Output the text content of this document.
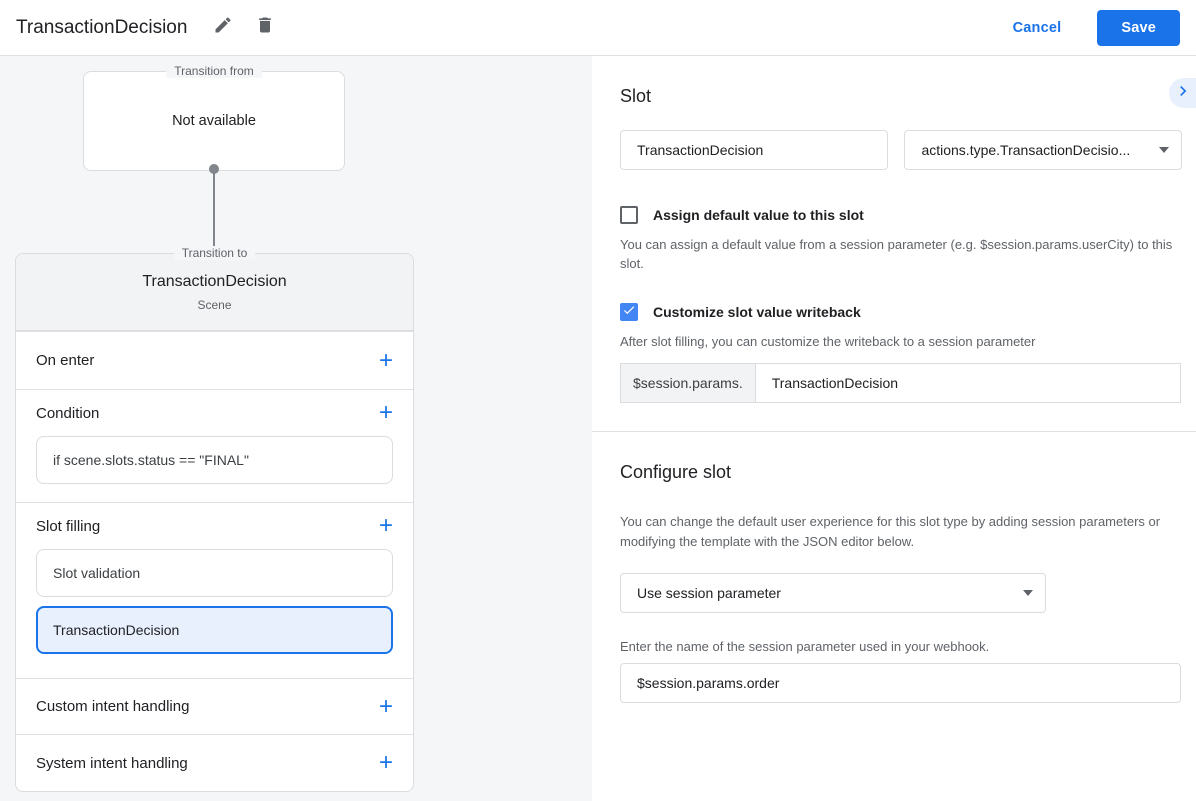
TransactionDecision	Cancel	Save
Transition from
Not available
Transition to
TransactionDecision
Scene
On enter	+
Condition	+
if scene.slots.status == "FINAL"
Slot filling	+
Slot validation
TransactionDecision
Custom intent handling	+
System intent handling	+
Slot
TransactionDecision	actions.type.TransactionDecisio...
Assign default value to this slot
You can assign a default value from a session parameter (e.g. $session.params.userCity) to this slot.
Customize slot value writeback
After slot filling, you can customize the writeback to a session parameter
$session.params.	TransactionDecision
Configure slot
You can change the default user experience for this slot type by adding session parameters or modifying the template with the JSON editor below.
Use session parameter
Enter the name of the session parameter used in your webhook.
$session.params.order
